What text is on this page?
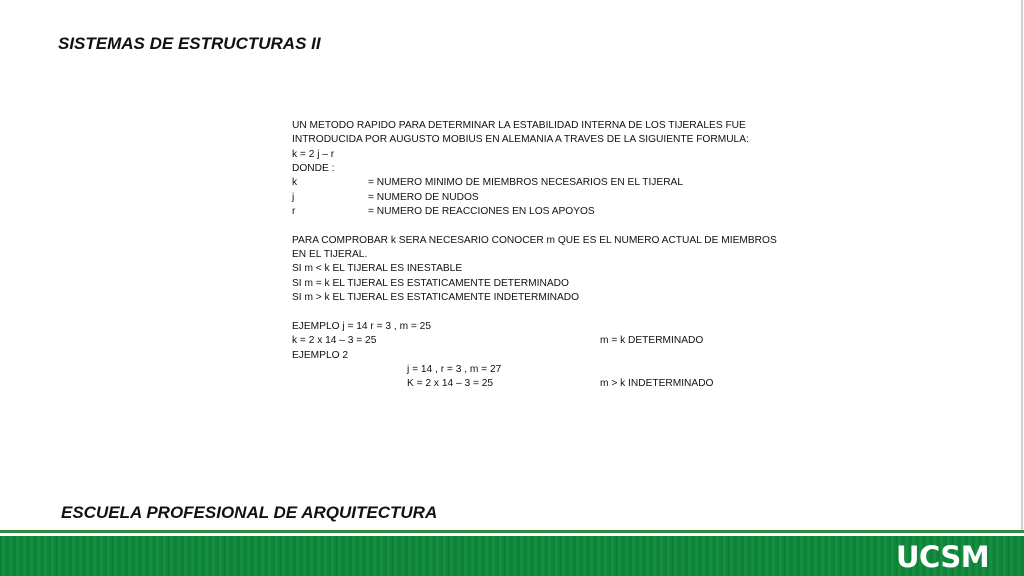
SISTEMAS DE ESTRUCTURAS II
UN METODO RAPIDO PARA DETERMINAR LA ESTABILIDAD INTERNA DE LOS TIJERALES FUE
INTRODUCIDA POR AUGUSTO MOBIUS EN ALEMANIA A TRAVES DE LA SIGUIENTE FORMULA:
k = 2 j – r
DONDE :
k	= NUMERO MINIMO DE MIEMBROS NECESARIOS EN EL TIJERAL
j	= NUMERO DE NUDOS
r	= NUMERO DE REACCIONES EN LOS APOYOS
PARA COMPROBAR k SERA NECESARIO CONOCER m QUE ES EL NUMERO ACTUAL DE MIEMBROS
EN EL TIJERAL.
SI m < k EL TIJERAL ES INESTABLE
SI m = k EL TIJERAL ES ESTATICAMENTE DETERMINADO
SI m > k EL TIJERAL ES ESTATICAMENTE INDETERMINADO
EJEMPLO j = 14 r = 3 , m = 25
k = 2 x 14 – 3 = 25	m = k DETERMINADO
EJEMPLO 2
j = 14 , r = 3 , m = 27
K = 2 x 14 – 3 = 25	m > k INDETERMINADO
ESCUELA PROFESIONAL DE ARQUITECTURA
UCSM
